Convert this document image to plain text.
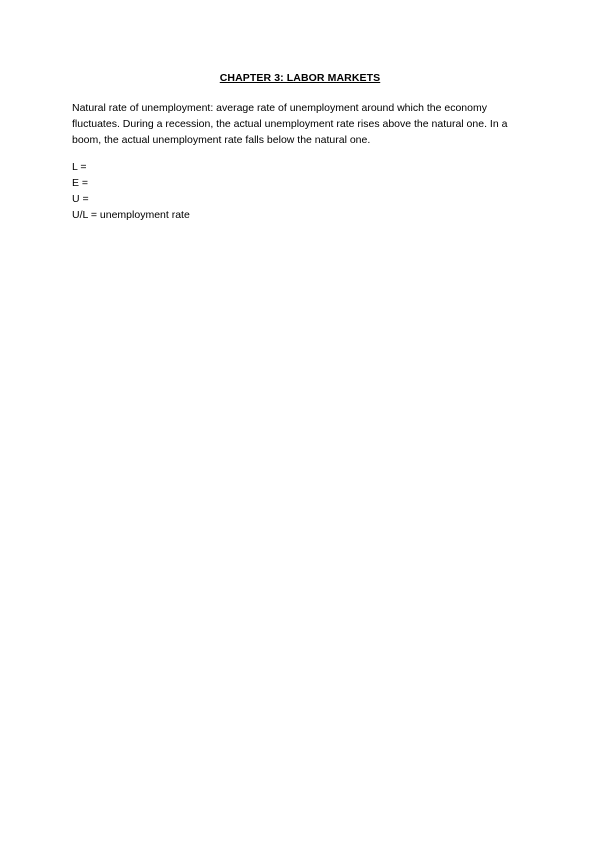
CHAPTER 3: LABOR MARKETS

Natural rate of unemployment: average rate of unemployment around which the economy fluctuates. During a recession, the actual unemployment rate rises above the natural one. In a boom, the actual unemployment rate falls below the natural one.

L =
E =
U =
U/L = unemployment rate
